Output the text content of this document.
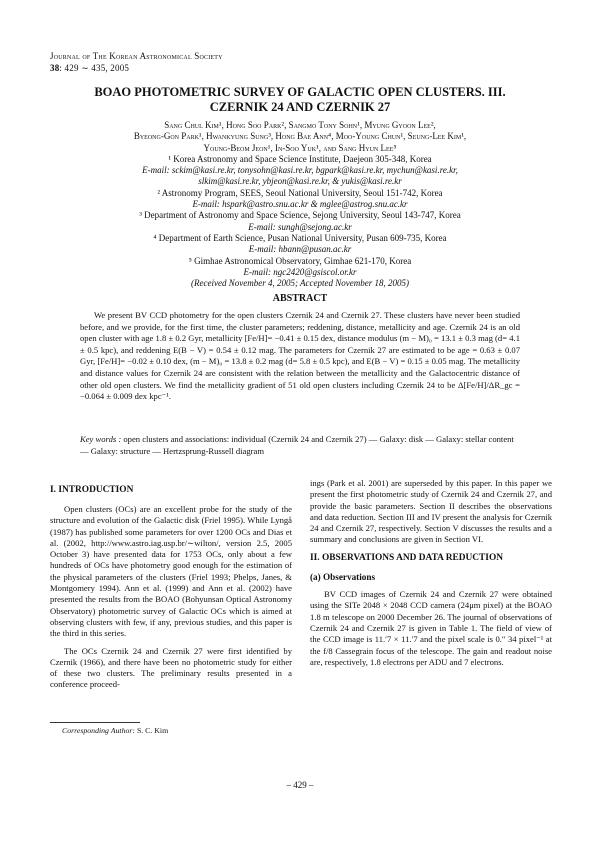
Journal of The Korean Astronomical Society
38: 429 ∼ 435, 2005
BOAO PHOTOMETRIC SURVEY OF GALACTIC OPEN CLUSTERS. III.
CZERNIK 24 AND CZERNIK 27
Sang Chul Kim¹, Hong Soo Park², Sangmo Tony Sohn¹, Myung Gyoon Lee²,
Byeong-Gon Park¹, Hwankyung Sung³, Hong Bae Ann⁴, Moo-Young Chun¹, Seung-Lee Kim¹,
Young-Beom Jeon¹, In-Soo Yuk¹, and Sang Hyun Lee⁵
¹ Korea Astronomy and Space Science Institute, Daejeon 305-348, Korea
E-mail: sckim@kasi.re.kr, tonysohn@kasi.re.kr, bgpark@kasi.re.kr, mychun@kasi.re.kr,
slkim@kasi.re.kr, ybjeon@kasi.re.kr, & yukis@kasi.re.kr
² Astronomy Program, SEES, Seoul National University, Seoul 151-742, Korea
E-mail: hspark@astro.snu.ac.kr & mglee@astrog.snu.ac.kr
³ Department of Astronomy and Space Science, Sejong University, Seoul 143-747, Korea
E-mail: sungh@sejong.ac.kr
⁴ Department of Earth Science, Pusan National University, Pusan 609-735, Korea
E-mail: hbann@pusan.ac.kr
⁵ Gimhae Astronomical Observatory, Gimhae 621-170, Korea
E-mail: ngc2420@gsiscol.or.kr
(Received November 4, 2005; Accepted November 18, 2005)
ABSTRACT
We present BV CCD photometry for the open clusters Czernik 24 and Czernik 27. These clusters have never been studied before, and we provide, for the first time, the cluster parameters; reddening, distance, metallicity and age. Czernik 24 is an old open cluster with age 1.8 ± 0.2 Gyr, metallicity [Fe/H]= −0.41 ± 0.15 dex, distance modulus (m − M)₀ = 13.1 ± 0.3 mag (d= 4.1 ± 0.5 kpc), and reddening E(B − V) = 0.54 ± 0.12 mag. The parameters for Czernik 27 are estimated to be age = 0.63 ± 0.07 Gyr, [Fe/H]= −0.02 ± 0.10 dex, (m − M)₀ = 13.8 ± 0.2 mag (d= 5.8 ± 0.5 kpc), and E(B − V) = 0.15 ± 0.05 mag. The metallicity and distance values for Czernik 24 are consistent with the relation between the metallicity and the Galactocentric distance of other old open clusters. We find the metallicity gradient of 51 old open clusters including Czernik 24 to be Δ[Fe/H]/ΔR_gc = −0.064 ± 0.009 dex kpc⁻¹.
Key words : open clusters and associations: individual (Czernik 24 and Czernik 27) — Galaxy: disk — Galaxy: stellar content — Galaxy: structure — Hertzsprung-Russell diagram
I. INTRODUCTION

Open clusters (OCs) are an excellent probe for the study of the structure and evolution of the Galactic disk (Friel 1995). While Lyngå (1987) has published some parameters for over 1200 OCs and Dias et al. (2002, http://www.astro.iag.usp.br/∼wilton/, version 2.5, 2005 October 3) have presented data for 1753 OCs, only about a few hundreds of OCs have photometry good enough for the estimation of the physical parameters of the clusters (Friel 1993; Phelps, Janes, & Montgomery 1994). Ann et al. (1999) and Ann et al. (2002) have presented the results from the BOAO (Bohyunsan Optical Astronomy Observatory) photometric survey of Galactic OCs which is aimed at observing clusters with few, if any, previous studies, and this paper is the third in this series.

The OCs Czernik 24 and Czernik 27 were first identified by Czernik (1966), and there have been no photometric study for either of these two clusters. The preliminary results presented in a conference proceed-

ings (Park et al. 2001) are superseded by this paper. In this paper we present the first photometric study of Czernik 24 and Czernik 27, and provide the basic parameters. Section II describes the observations and data reduction. Section III and IV present the analysis for Czernik 24 and Czernik 27, respectively. Section V discusses the results and a summary and conclusions are given in Section VI.

II. OBSERVATIONS AND DATA REDUCTION
(a) Observations

BV CCD images of Czernik 24 and Czernik 27 were obtained using the SITe 2048 × 2048 CCD camera (24μm pixel) at the BOAO 1.8 m telescope on 2000 December 26. The journal of observations of Czernik 24 and Czernik 27 is given in Table 1. The field of view of the CCD image is 11.′7 × 11.′7 and the pixel scale is 0.″ 34 pixel⁻¹ at the f/8 Cassegrain focus of the telescope. The gain and readout noise are, respectively, 1.8 electrons per ADU and 7 electrons.

Corresponding Author: S. C. Kim
– 429 –
